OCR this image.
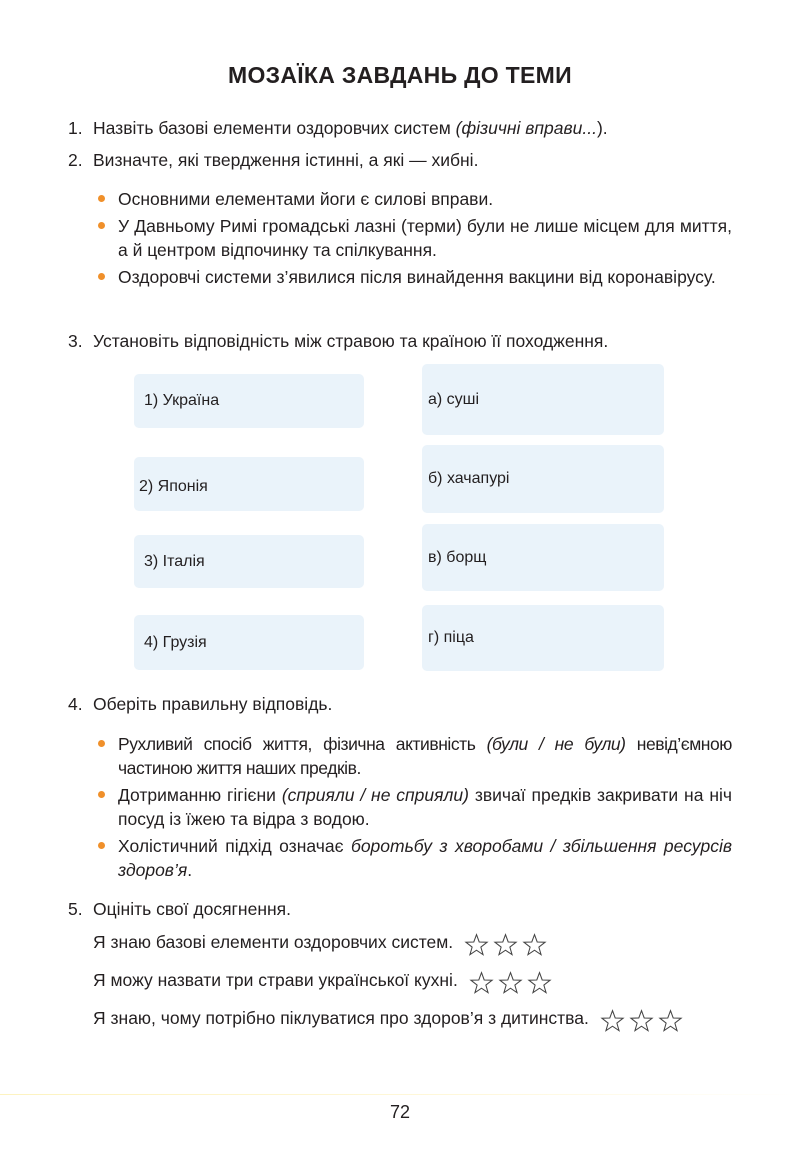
МОЗАЇКА ЗАВДАНЬ ДО ТЕМИ
1. Назвіть базові елементи оздоровчих систем (фізичні вправи...).
2. Визначте, які твердження істинні, а які — хибні.
Основними елементами йоги є силові вправи.
У Давньому Римі громадські лазні (терми) були не лише місцем для миття, а й центром відпочинку та спілкування.
Оздоровчі системи з’явилися після винайдення вакцини від коронавірусу.
3. Установіть відповідність між стравою та країною її походження.
1) Україна
2) Японія
3) Італія
4) Грузія
а) суші
б) хачапурі
в) борщ
г) піца
4. Оберіть правильну відповідь.
Рухливий спосіб життя, фізична активність (були / не були) невід’ємною частиною життя наших предків.
Дотриманню гігієни (сприяли / не сприяли) звичаї предків закривати на ніч посуд із їжею та відра з водою.
Холістичний підхід означає боротьбу з хворобами / збільшення ресурсів здоров’я.
5. Оцініть свої досягнення.
Я знаю базові елементи оздоровчих систем.
Я можу назвати три страви української кухні.
Я знаю, чому потрібно піклуватися про здоров’я з дитинства.
72
